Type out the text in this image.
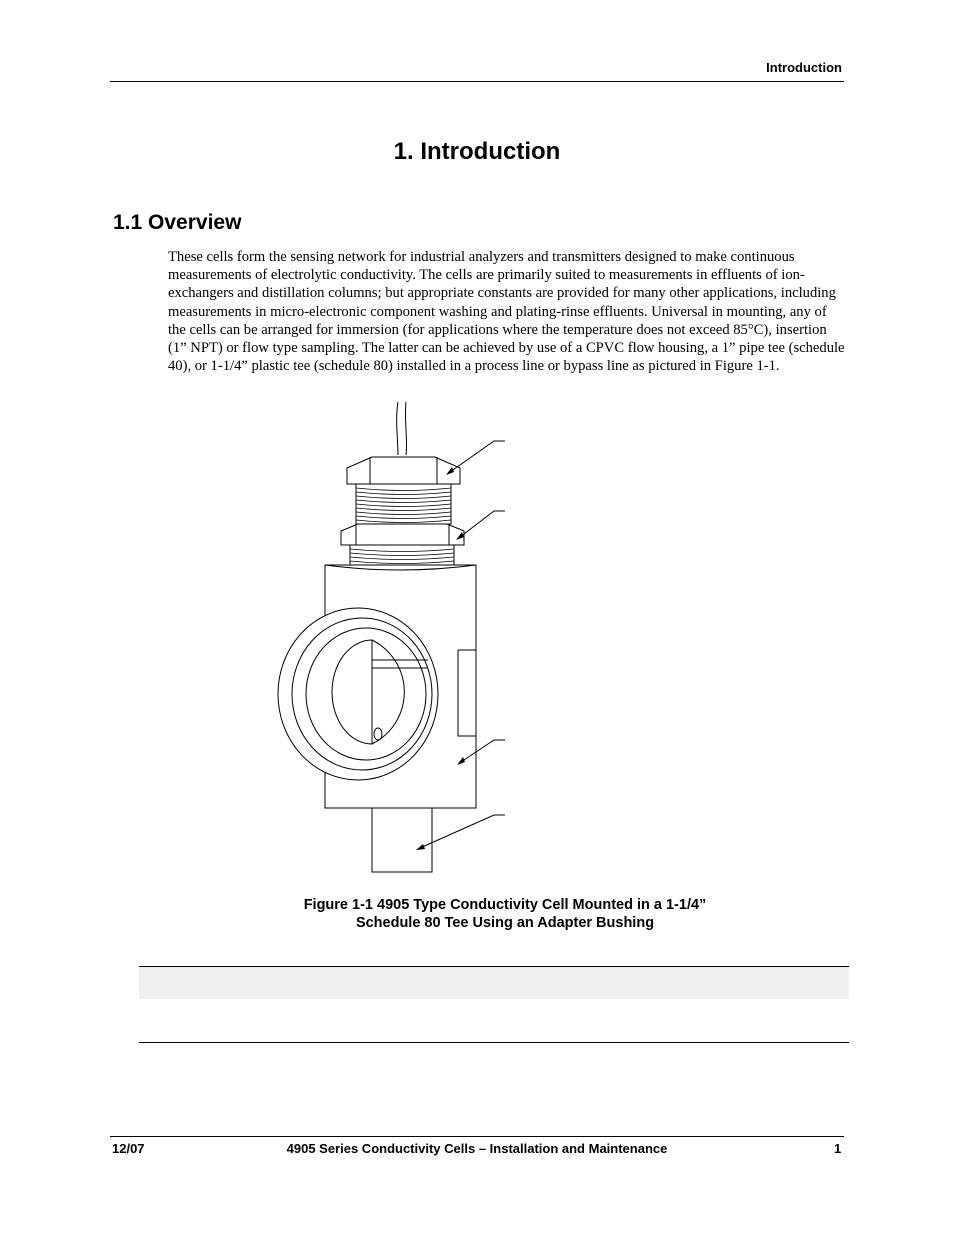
Introduction
1. Introduction
1.1 Overview

These cells form the sensing network for industrial analyzers and transmitters designed to make continuous measurements of electrolytic conductivity. The cells are primarily suited to measurements in effluents of ion-exchangers and distillation columns; but appropriate constants are provided for many other applications, including measurements in micro-electronic component washing and plating-rinse effluents. Universal in mounting, any of the cells can be arranged for immersion (for applications where the temperature does not exceed 85°C), insertion (1” NPT) or flow type sampling. The latter can be achieved by use of a CPVC flow housing, a 1” pipe tee (schedule 40), or 1-1/4” plastic tee (schedule 80) installed in a process line or bypass line as pictured in Figure 1-1.

Figure 1-1 4905 Type Conductivity Cell Mounted in a 1-1/4”
Schedule 80 Tee Using an Adapter Bushing
12/07	4905 Series Conductivity Cells – Installation and Maintenance	1
